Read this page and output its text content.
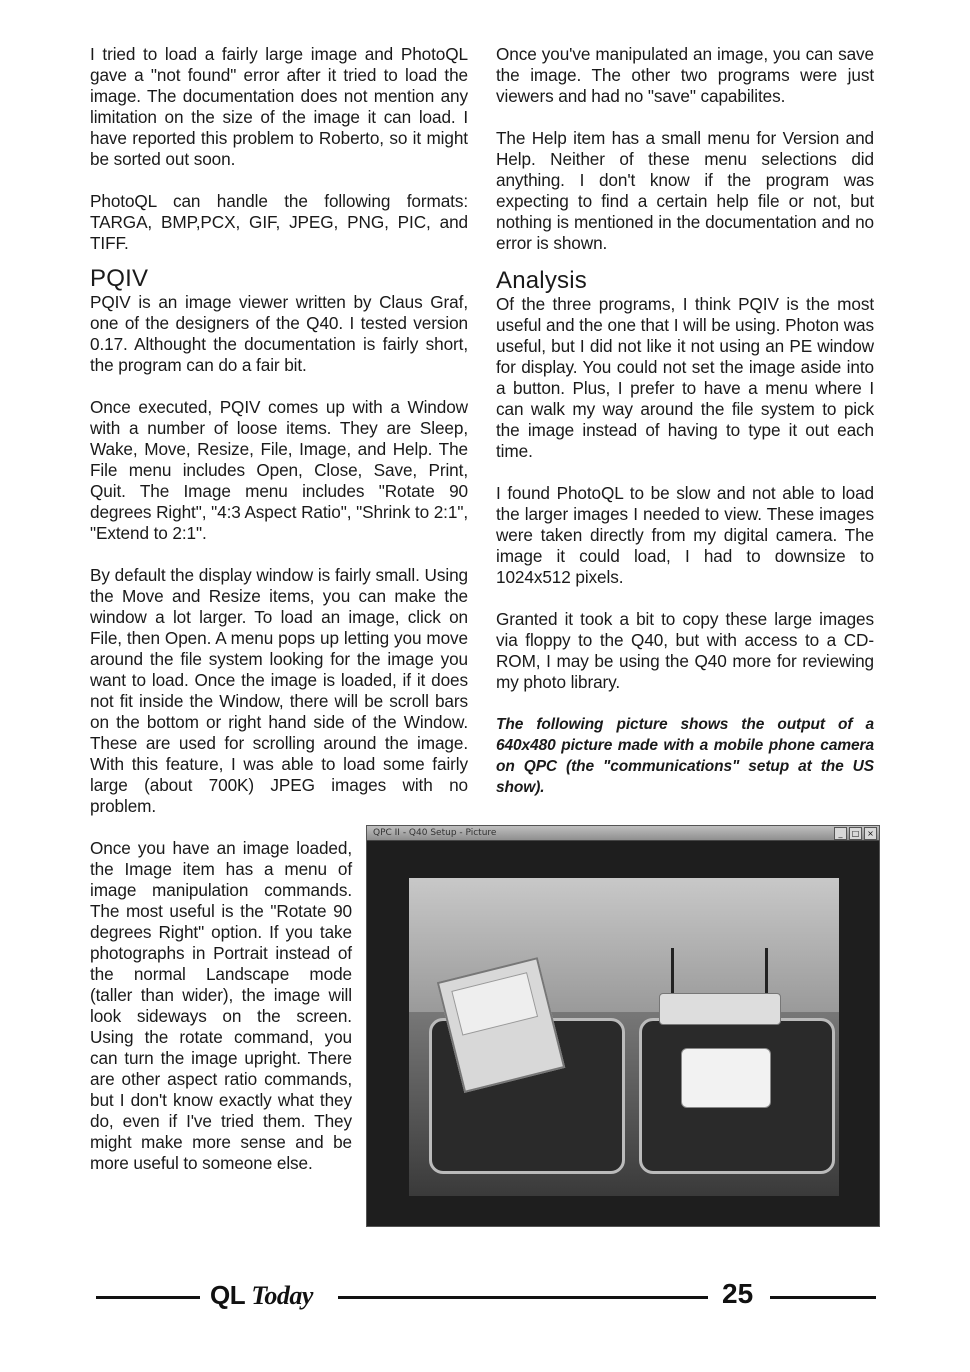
I tried to load a fairly large image and PhotoQL gave a "not found" error after it tried to load the image. The documentation does not mention any limitation on the size of the image it can load. I have reported this problem to Roberto, so it might be sorted out soon.

PhotoQL can handle the following formats: TARGA, BMP,PCX, GIF, JPEG, PNG, PIC, and TIFF.

PQIV

PQIV is an image viewer written by Claus Graf, one of the designers of the Q40. I tested version 0.17. Althought the documentation is fairly short, the program can do a fair bit.

Once executed, PQIV comes up with a Window with a number of loose items. They are Sleep, Wake, Move, Resize, File, Image, and Help. The File menu includes Open, Close, Save, Print, Quit. The Image menu includes "Rotate 90 degrees Right", "4:3 Aspect Ratio", "Shrink to 2:1", "Extend to 2:1".

By default the display window is fairly small. Using the Move and Resize items, you can make the window a lot larger. To load an image, click on File, then Open. A menu pops up letting you move around the file system looking for the image you want to load. Once the image is loaded, if it does not fit inside the Window, there will be scroll bars on the bottom or right hand side of the Window. These are used for scrolling around the image. With this feature, I was able to load some fairly large (about 700K) JPEG images with no problem.

Once you have an image loaded, the Image item has a menu of image manipulation commands. The most useful is the "Rotate 90 degrees Right" option. If you take photographs in Portrait instead of the normal Landscape mode (taller than wider), the image will look sideways on the screen. Using the rotate command, you can turn the image upright. There are other aspect ratio commands, but I don't know exactly what they do, even if I've tried them. They might make more sense and be more useful to someone else.

Once you've manipulated an image, you can save the image. The other two programs were just viewers and had no "save" capabilites.

The Help item has a small menu for Version and Help. Neither of these menu selections did anything. I don't know if the program was expecting to find a certain help file or not, but nothing is mentioned in the documentation and no error is shown.

Analysis

Of the three programs, I think PQIV is the most useful and the one that I will be using. Photon was useful, but I did not like it not using an PE window for display. You could not set the image aside into a button. Plus, I prefer to have a menu where I can walk my way around the file system to pick the image instead of having to type it out each time.

I found PhotoQL to be slow and not able to load the larger images I needed to view. These images were taken directly from my digital camera. The image it could load, I had to downsize to 1024x512 pixels.

Granted it took a bit to copy these large images via floppy to the Q40, but with access to a CD-ROM, I may be using the Q40 more for reviewing my photo library.

The following picture shows the output of a 640x480 picture made with a mobile phone camera on QPC (the "communications" setup at the US show).

QPC II - Q40 Setup - Picture	_	□ ×
QL Today	25
